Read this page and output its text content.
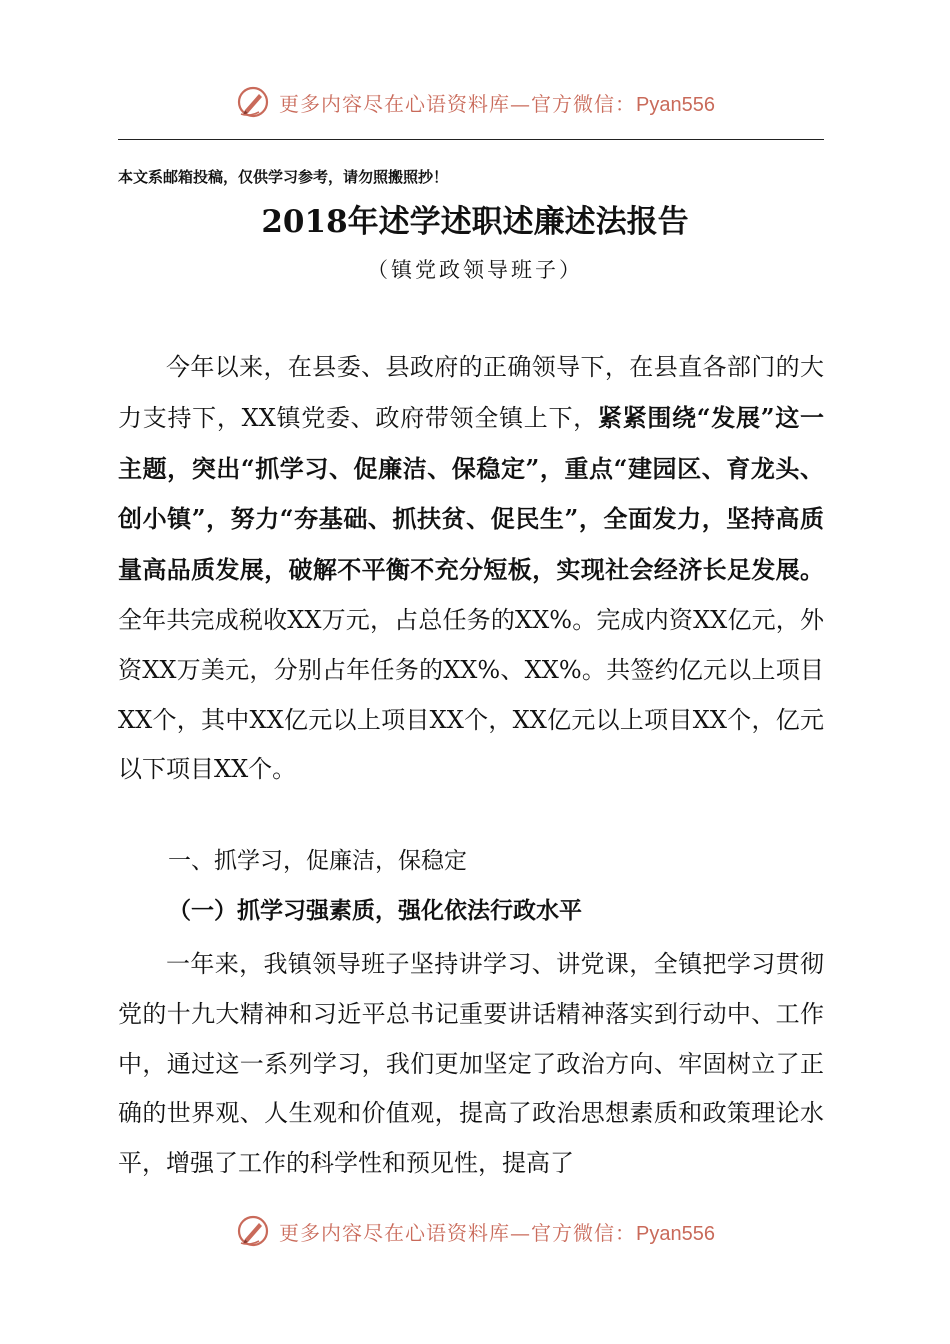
更多内容尽在心语资料库—官方微信：Pyan556
本文系邮箱投稿，仅供学习参考，请勿照搬照抄！
2018年述学述职述廉述法报告
（镇党政领导班子）
今年以来，在县委、县政府的正确领导下，在县直各部门的大力支持下，XX镇党委、政府带领全镇上下，紧紧围绕“发展”这一主题，突出“抓学习、促廉洁、保稳定”，重点“建园区、育龙头、创小镇”，努力“夯基础、抓扶贫、促民生”，全面发力，坚持高质量高品质发展，破解不平衡不充分短板，实现社会经济长足发展。全年共完成税收XX万元，占总任务的XX%。完成内资XX亿元，外资XX万美元，分别占年任务的XX%、XX%。共签约亿元以上项目XX个，其中XX亿元以上项目XX个，XX亿元以上项目XX个，亿元以下项目XX个。
一、抓学习，促廉洁，保稳定
（一）抓学习强素质，强化依法行政水平
一年来，我镇领导班子坚持讲学习、讲党课，全镇把学习贯彻党的十九大精神和习近平总书记重要讲话精神落实到行动中、工作中，通过这一系列学习，我们更加坚定了政治方向、牢固树立了正确的世界观、人生观和价值观，提高了政治思想素质和政策理论水平，增强了工作的科学性和预见性，提高了
更多内容尽在心语资料库—官方微信：Pyan556
